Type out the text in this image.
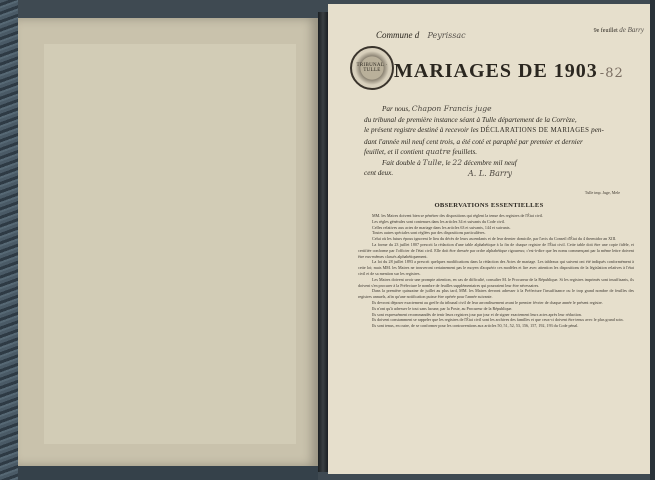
Commune d Peyrissac	9e feuillet de Barry
TRIBUNAL · TULLE MARIAGES DE 1903 -82
Par nous, Chapon Francis juge
du tribunal de première instance séant à Tulle département de la Corrèze,
le présent registre destiné à recevoir les DÉCLARATIONS DE MARIAGES pen-
dant l'année mil neuf cent trois, a été coté et paraphé par premier et dernier
feuillet, et il contient quatre feuillets.
Fait double à Tulle, le 22 décembre mil neuf
cent deux.	A. L. Barry
Tulle imp. Juge, Mele
OBSERVATIONS ESSENTIELLES

MM. les Maires doivent bien se pénétrer des dispositions qui règlent la tenue des registres de l'État civil.

Les règles générales sont contenues dans les articles 34 et suivants du Code civil.

Celles relatives aux actes de mariage dans les articles 63 et suivants, 144 et suivants.

Toutes autres spéciales sont réglées par des dispositions particulières.

Celui où les futurs époux ignorent le lieu du décès de leurs ascendants et de leur dernier domicile, par l'avis du Conseil d'État du 4 thermidor an XIII.

La forme du 23 juillet 1807 prescrit la rédaction d'une table alphabétique à la fin de chaque registre de l'État civil. Cette table doit être une copie fidèle, et certifiée conforme par l'officier de l'état civil. Elle doit être dressée par ordre alphabétique rigoureux; c'est-à-dire que les noms commençant par la même lettre doivent être eux-mêmes classés alphabétiquement.

La loi du 28 juillet 1893 a prescrit quelques modifications dans la rédaction des Actes de mariage. Les tableaux qui suivent ont été indiqués conformément à cette loi; mais MM. les Maires ne trouveront certainement pas le moyen d'acquérir ces modèles et lire avec attention les dispositions de la législation relatives à l'état civil et de sa mention sur les registres.

Les Maires doivent avoir une prompte attention, en cas de difficulté, consulter M. le Procureur de la République. Si les registres imprimés sont insuffisants, ils doivent s'en procurer à la Préfecture le nombre de feuilles supplémentaires qui pourraient leur être nécessaires.

Dans la première quinzaine de juillet au plus tard, MM. les Maires devront adresser à la Préfecture l'insuffisance ou le trop grand nombre de feuilles des registres annuels, afin qu'une notification puisse être opérée pour l'année suivante.

Ils devront déposer exactement au greffe du tribunal civil de leur arrondissement avant le premier février de chaque année le présent registre.

Ils n'ont qu'à adresser le tout sans lacune, par la Poste, au Procureur de la République.

Ils sont expressément recommandés de tenir leurs registres jour par jour et de signer exactement leurs actes après leur rédaction.

Ils doivent constamment se rappeler que les registres de l'État civil sont les archives des familles et que ceux-ci doivent être tenus avec le plus grand soin.

Ils sont tenus, en outre, de se conformer pour les contraventions aux articles 50, 51, 52, 53, 156, 157, 192, 193 du Code pénal.
